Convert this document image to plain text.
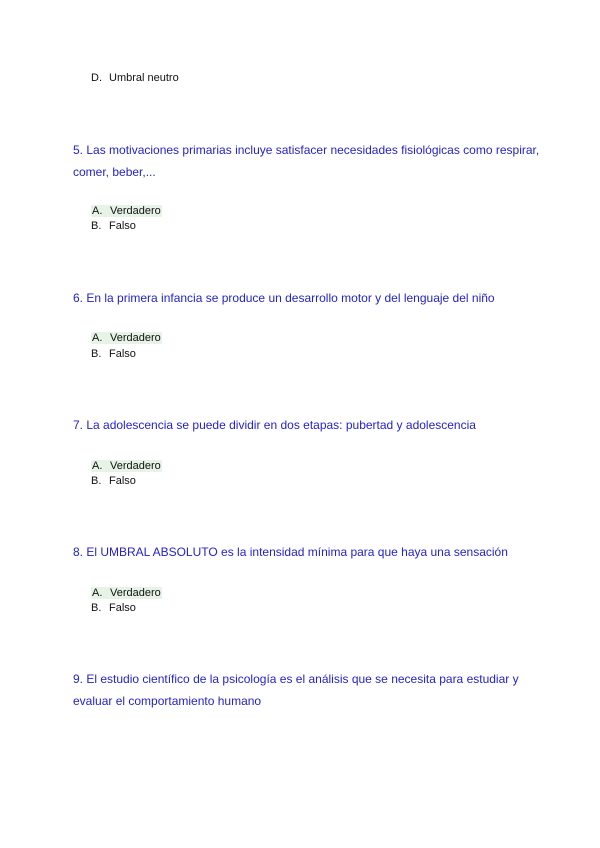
D. Umbral neutro
5. Las motivaciones primarias incluye satisfacer necesidades fisiológicas como respirar, comer, beber,...
A. Verdadero
B. Falso
6. En la primera infancia se produce un desarrollo motor y del lenguaje del niño
A. Verdadero
B. Falso
7. La adolescencia se puede dividir en dos etapas: pubertad y adolescencia
A. Verdadero
B. Falso
8. El UMBRAL ABSOLUTO es la intensidad mínima para que haya una sensación
A. Verdadero
B. Falso
9. El estudio científico de la psicología es el análisis que se necesita para estudiar y evaluar el comportamiento humano
